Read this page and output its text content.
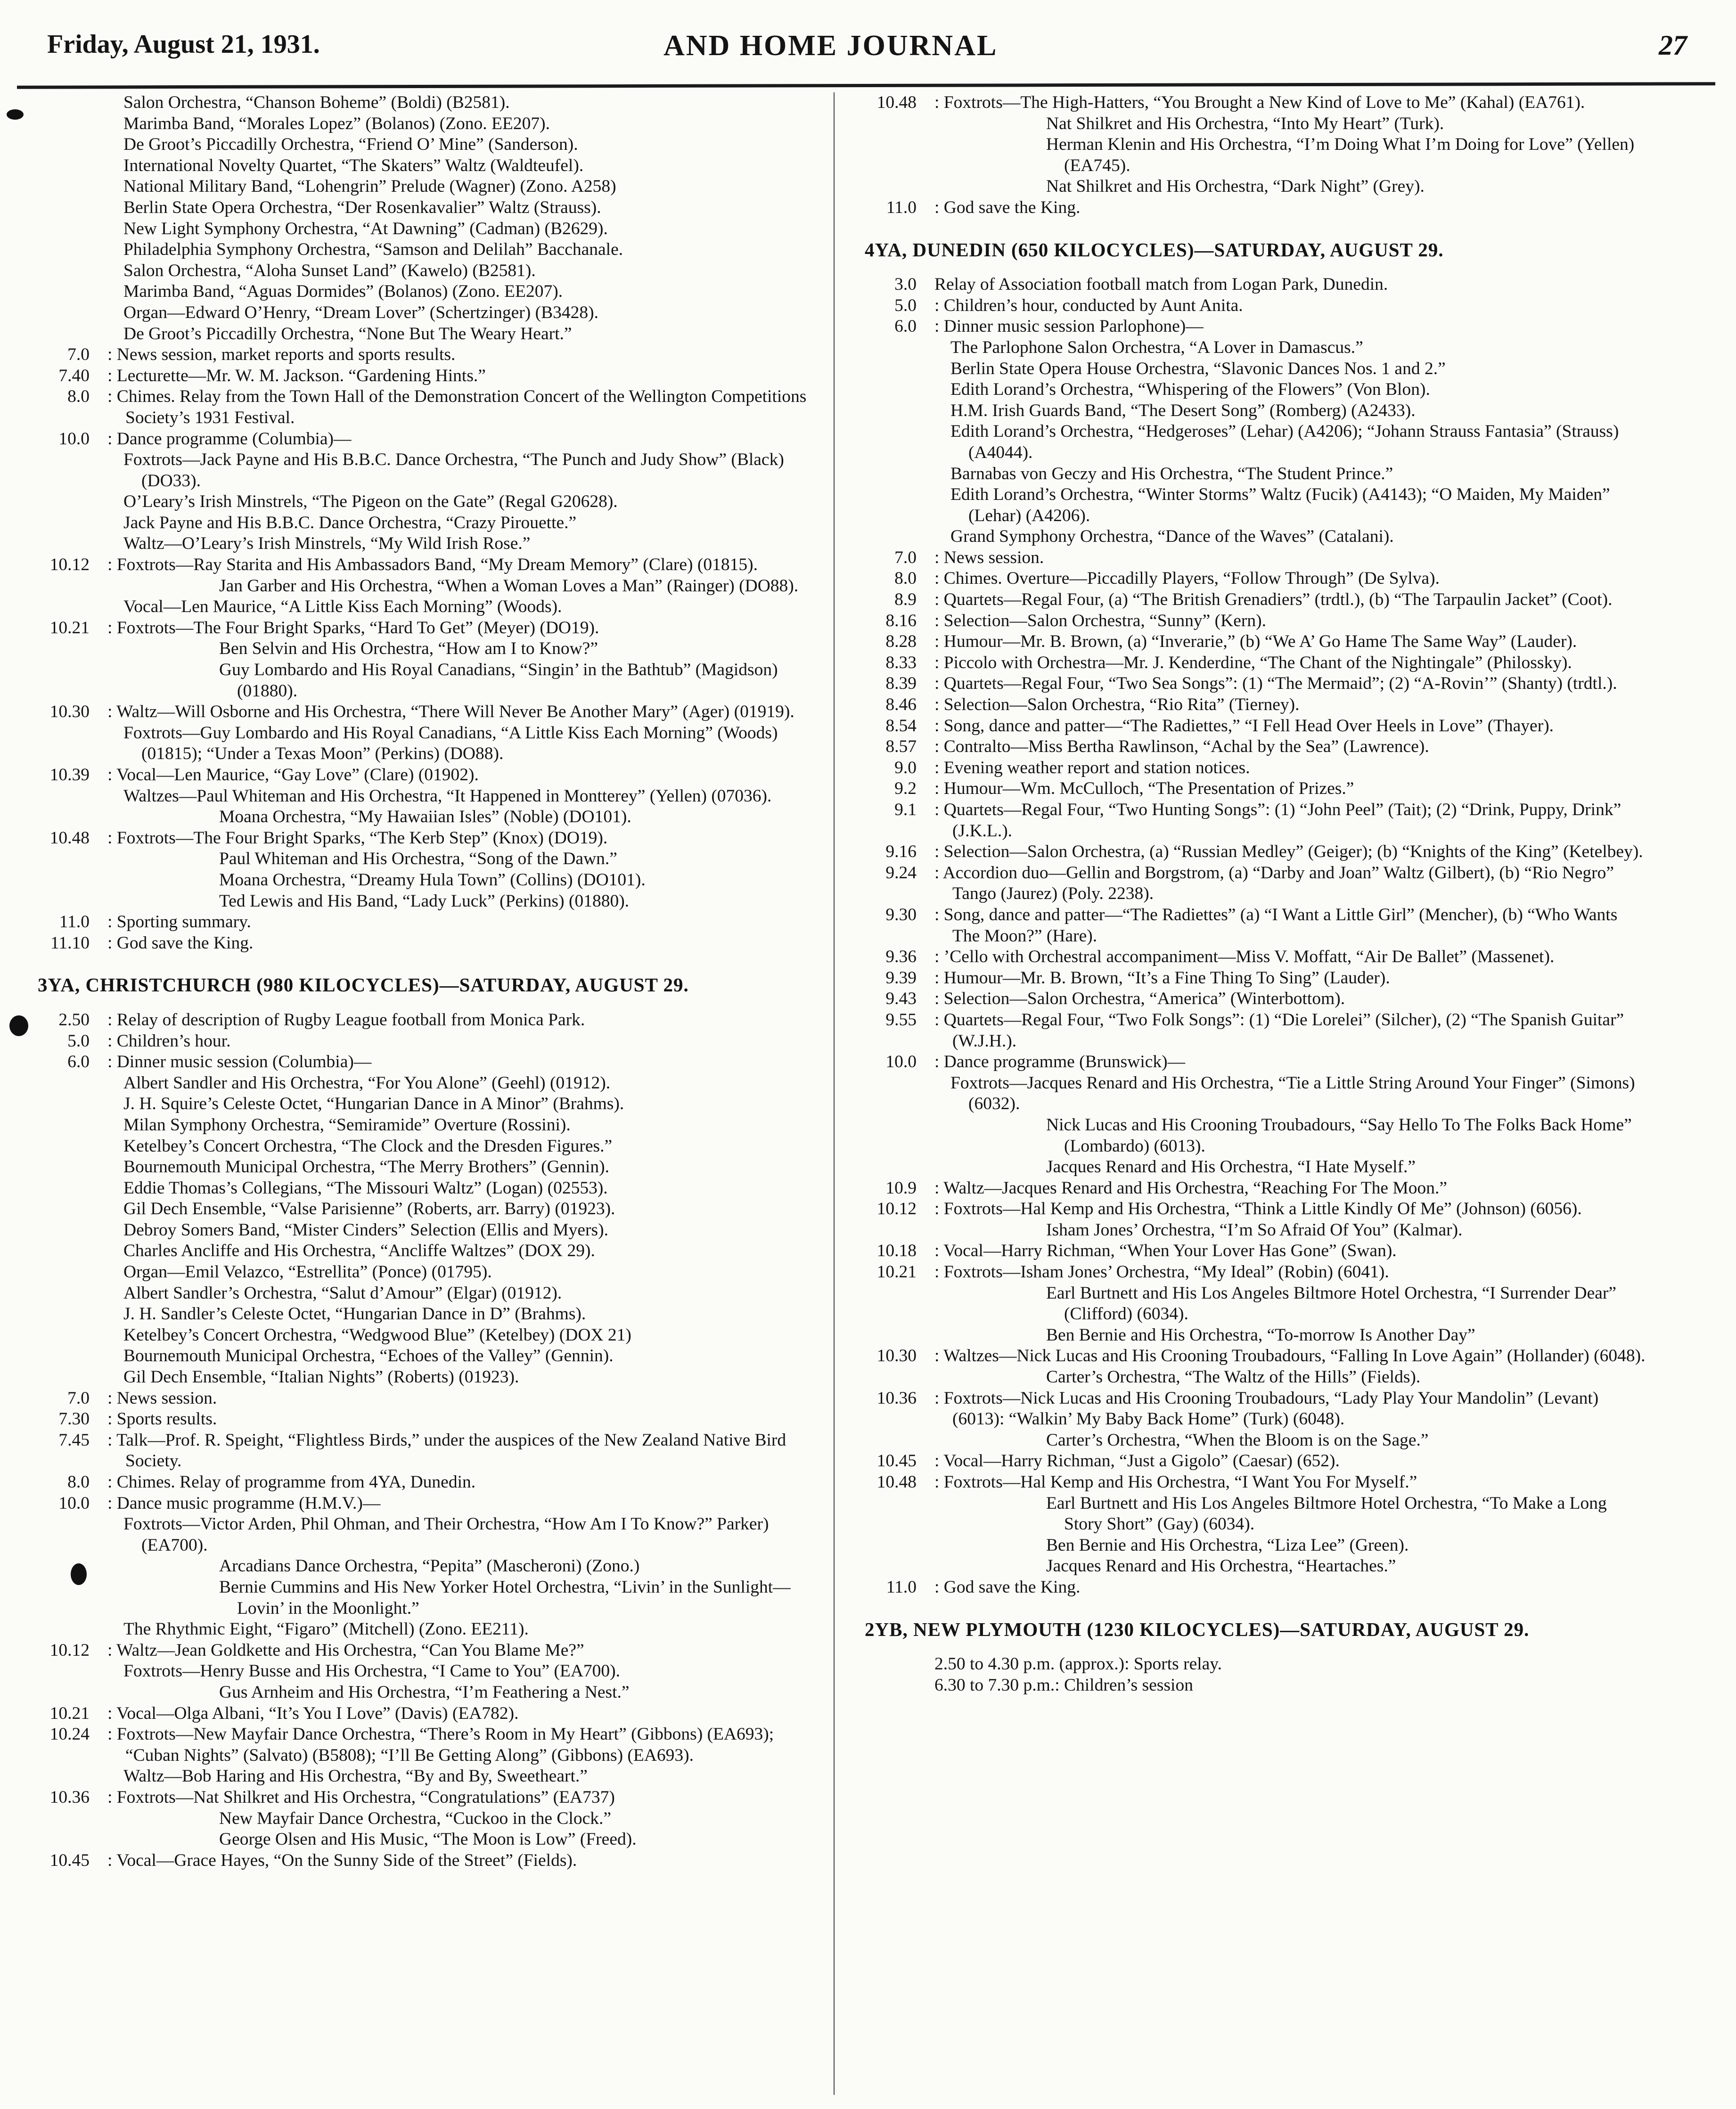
Friday, August 21, 1931.	AND HOME JOURNAL	27
Salon Orchestra, “Chanson Boheme” (Boldi) (B2581).
Marimba Band, “Morales Lopez” (Bolanos) (Zono. EE207).
De Groot’s Piccadilly Orchestra, “Friend O’ Mine” (Sanderson).
International Novelty Quartet, “The Skaters” Waltz (Waldteufel).
National Military Band, “Lohengrin” Prelude (Wagner) (Zono. A258)
Berlin State Opera Orchestra, “Der Rosenkavalier” Waltz (Strauss).
New Light Symphony Orchestra, “At Dawning” (Cadman) (B2629).
Philadelphia Symphony Orchestra, “Samson and Delilah” Bacchanale.
Salon Orchestra, “Aloha Sunset Land” (Kawelo) (B2581).
Marimba Band, “Aguas Dormides” (Bolanos) (Zono. EE207).
Organ—Edward O’Henry, “Dream Lover” (Schertzinger) (B3428).
De Groot’s Piccadilly Orchestra, “None But The Weary Heart.”
7.0 : News session, market reports and sports results.
7.40 : Lecturette—Mr. W. M. Jackson. “Gardening Hints.”
8.0 : Chimes. Relay from the Town Hall of the Demonstration Concert of the Wellington Competitions Society’s 1931 Festival.
10.0 : Dance programme (Columbia)—
Foxtrots—Jack Payne and His B.B.C. Dance Orchestra, “The Punch and Judy Show” (Black) (DO33).
O’Leary’s Irish Minstrels, “The Pigeon on the Gate” (Regal G20628).
Jack Payne and His B.B.C. Dance Orchestra, “Crazy Pirouette.”
Waltz—O’Leary’s Irish Minstrels, “My Wild Irish Rose.”
10.12 : Foxtrots—Ray Starita and His Ambassadors Band, “My Dream Memory” (Clare) (01815).
Jan Garber and His Orchestra, “When a Woman Loves a Man” (Rainger) (DO88).
Vocal—Len Maurice, “A Little Kiss Each Morning” (Woods).
10.21 : Foxtrots—The Four Bright Sparks, “Hard To Get” (Meyer) (DO19).
Ben Selvin and His Orchestra, “How am I to Know?”
Guy Lombardo and His Royal Canadians, “Singin’ in the Bathtub” (Magidson) (01880).
10.30 : Waltz—Will Osborne and His Orchestra, “There Will Never Be Another Mary” (Ager) (01919).
Foxtrots—Guy Lombardo and His Royal Canadians, “A Little Kiss Each Morning” (Woods) (01815); “Under a Texas Moon” (Perkins) (DO88).
10.39 : Vocal—Len Maurice, “Gay Love” (Clare) (01902).
Waltzes—Paul Whiteman and His Orchestra, “It Happened in Montterey” (Yellen) (07036).
Moana Orchestra, “My Hawaiian Isles” (Noble) (DO101).
10.48 : Foxtrots—The Four Bright Sparks, “The Kerb Step” (Knox) (DO19).
Paul Whiteman and His Orchestra, “Song of the Dawn.”
Moana Orchestra, “Dreamy Hula Town” (Collins) (DO101).
Ted Lewis and His Band, “Lady Luck” (Perkins) (01880).
11.0 : Sporting summary.
11.10 : God save the King.
3YA, CHRISTCHURCH (980 KILOCYCLES)—SATURDAY, AUGUST 29.
2.50 : Relay of description of Rugby League football from Monica Park.
5.0 : Children’s hour.
6.0 : Dinner music session (Columbia)—
Albert Sandler and His Orchestra, “For You Alone” (Geehl) (01912).
J. H. Squire’s Celeste Octet, “Hungarian Dance in A Minor” (Brahms).
Milan Symphony Orchestra, “Semiramide” Overture (Rossini).
Ketelbey’s Concert Orchestra, “The Clock and the Dresden Figures.”
Bournemouth Municipal Orchestra, “The Merry Brothers” (Gennin).
Eddie Thomas’s Collegians, “The Missouri Waltz” (Logan) (02553).
Gil Dech Ensemble, “Valse Parisienne” (Roberts, arr. Barry) (01923).
Debroy Somers Band, “Mister Cinders” Selection (Ellis and Myers).
Charles Ancliffe and His Orchestra, “Ancliffe Waltzes” (DOX 29).
Organ—Emil Velazco, “Estrellita” (Ponce) (01795).
Albert Sandler’s Orchestra, “Salut d’Amour” (Elgar) (01912).
J. H. Sandler’s Celeste Octet, “Hungarian Dance in D” (Brahms).
Ketelbey’s Concert Orchestra, “Wedgwood Blue” (Ketelbey) (DOX 21)
Bournemouth Municipal Orchestra, “Echoes of the Valley” (Gennin).
Gil Dech Ensemble, “Italian Nights” (Roberts) (01923).
7.0 : News session.
7.30 : Sports results.
7.45 : Talk—Prof. R. Speight, “Flightless Birds,” under the auspices of the New Zealand Native Bird Society.
8.0 : Chimes. Relay of programme from 4YA, Dunedin.
10.0 : Dance music programme (H.M.V.)—
Foxtrots—Victor Arden, Phil Ohman, and Their Orchestra, “How Am I To Know?” Parker) (EA700).
Arcadians Dance Orchestra, “Pepita” (Mascheroni) (Zono.)
Bernie Cummins and His New Yorker Hotel Orchestra, “Livin’ in the Sunlight—Lovin’ in the Moonlight.”
The Rhythmic Eight, “Figaro” (Mitchell) (Zono. EE211).
10.12 : Waltz—Jean Goldkette and His Orchestra, “Can You Blame Me?”
Foxtrots—Henry Busse and His Orchestra, “I Came to You” (EA700).
Gus Arnheim and His Orchestra, “I’m Feathering a Nest.”
10.21 : Vocal—Olga Albani, “It’s You I Love” (Davis) (EA782).
10.24 : Foxtrots—New Mayfair Dance Orchestra, “There’s Room in My Heart” (Gibbons) (EA693); “Cuban Nights” (Salvato) (B5808); “I’ll Be Getting Along” (Gibbons) (EA693).
Waltz—Bob Haring and His Orchestra, “By and By, Sweetheart.”
10.36 : Foxtrots—Nat Shilkret and His Orchestra, “Congratulations” (EA737)
New Mayfair Dance Orchestra, “Cuckoo in the Clock.”
George Olsen and His Music, “The Moon is Low” (Freed).
10.45 : Vocal—Grace Hayes, “On the Sunny Side of the Street” (Fields).
10.48 : Foxtrots—The High-Hatters, “You Brought a New Kind of Love to Me” (Kahal) (EA761).
Nat Shilkret and His Orchestra, “Into My Heart” (Turk).
Herman Klenin and His Orchestra, “I’m Doing What I’m Doing for Love” (Yellen) (EA745).
Nat Shilkret and His Orchestra, “Dark Night” (Grey).
11.0 : God save the King.
4YA, DUNEDIN (650 KILOCYCLES)—SATURDAY, AUGUST 29.
3.0 Relay of Association football match from Logan Park, Dunedin.
5.0 : Children’s hour, conducted by Aunt Anita.
6.0 : Dinner music session Parlophone)—
The Parlophone Salon Orchestra, “A Lover in Damascus.”
Berlin State Opera House Orchestra, “Slavonic Dances Nos. 1 and 2.”
Edith Lorand’s Orchestra, “Whispering of the Flowers” (Von Blon).
H.M. Irish Guards Band, “The Desert Song” (Romberg) (A2433).
Edith Lorand’s Orchestra, “Hedgeroses” (Lehar) (A4206); “Johann Strauss Fantasia” (Strauss) (A4044).
Barnabas von Geczy and His Orchestra, “The Student Prince.”
Edith Lorand’s Orchestra, “Winter Storms” Waltz (Fucik) (A4143); “O Maiden, My Maiden” (Lehar) (A4206).
Grand Symphony Orchestra, “Dance of the Waves” (Catalani).
7.0 : News session.
8.0 : Chimes. Overture—Piccadilly Players, “Follow Through” (De Sylva).
8.9 : Quartets—Regal Four, (a) “The British Grenadiers” (trdtl.), (b) “The Tarpaulin Jacket” (Coot).
8.16 : Selection—Salon Orchestra, “Sunny” (Kern).
8.28 : Humour—Mr. B. Brown, (a) “Inverarie,” (b) “We A’ Go Hame The Same Way” (Lauder).
8.33 : Piccolo with Orchestra—Mr. J. Kenderdine, “The Chant of the Nightingale” (Philossky).
8.39 : Quartets—Regal Four, “Two Sea Songs”: (1) “The Mermaid”; (2) “A-Rovin’” (Shanty) (trdtl.).
8.46 : Selection—Salon Orchestra, “Rio Rita” (Tierney).
8.54 : Song, dance and patter—“The Radiettes,” “I Fell Head Over Heels in Love” (Thayer).
8.57 : Contralto—Miss Bertha Rawlinson, “Achal by the Sea” (Lawrence).
9.0 : Evening weather report and station notices.
9.2 : Humour—Wm. McCulloch, “The Presentation of Prizes.”
9.1 : Quartets—Regal Four, “Two Hunting Songs”: (1) “John Peel” (Tait); (2) “Drink, Puppy, Drink” (J.K.L.).
9.16 : Selection—Salon Orchestra, (a) “Russian Medley” (Geiger); (b) “Knights of the King” (Ketelbey).
9.24 : Accordion duo—Gellin and Borgstrom, (a) “Darby and Joan” Waltz (Gilbert), (b) “Rio Negro” Tango (Jaurez) (Poly. 2238).
9.30 : Song, dance and patter—“The Radiettes” (a) “I Want a Little Girl” (Mencher), (b) “Who Wants The Moon?” (Hare).
9.36 : ’Cello with Orchestral accompaniment—Miss V. Moffatt, “Air De Ballet” (Massenet).
9.39 : Humour—Mr. B. Brown, “It’s a Fine Thing To Sing” (Lauder).
9.43 : Selection—Salon Orchestra, “America” (Winterbottom).
9.55 : Quartets—Regal Four, “Two Folk Songs”: (1) “Die Lorelei” (Silcher), (2) “The Spanish Guitar” (W.J.H.).
10.0 : Dance programme (Brunswick)—
Foxtrots—Jacques Renard and His Orchestra, “Tie a Little String Around Your Finger” (Simons) (6032).
Nick Lucas and His Crooning Troubadours, “Say Hello To The Folks Back Home” (Lombardo) (6013).
Jacques Renard and His Orchestra, “I Hate Myself.”
10.9 : Waltz—Jacques Renard and His Orchestra, “Reaching For The Moon.”
10.12 : Foxtrots—Hal Kemp and His Orchestra, “Think a Little Kindly Of Me” (Johnson) (6056).
Isham Jones’ Orchestra, “I’m So Afraid Of You” (Kalmar).
10.18 : Vocal—Harry Richman, “When Your Lover Has Gone” (Swan).
10.21 : Foxtrots—Isham Jones’ Orchestra, “My Ideal” (Robin) (6041).
Earl Burtnett and His Los Angeles Biltmore Hotel Orchestra, “I Surrender Dear” (Clifford) (6034).
Ben Bernie and His Orchestra, “To-morrow Is Another Day”
10.30 : Waltzes—Nick Lucas and His Crooning Troubadours, “Falling In Love Again” (Hollander) (6048).
Carter’s Orchestra, “The Waltz of the Hills” (Fields).
10.36 : Foxtrots—Nick Lucas and His Crooning Troubadours, “Lady Play Your Mandolin” (Levant) (6013): “Walkin’ My Baby Back Home” (Turk) (6048).
Carter’s Orchestra, “When the Bloom is on the Sage.”
10.45 : Vocal—Harry Richman, “Just a Gigolo” (Caesar) (652).
10.48 : Foxtrots—Hal Kemp and His Orchestra, “I Want You For Myself.”
Earl Burtnett and His Los Angeles Biltmore Hotel Orchestra, “To Make a Long Story Short” (Gay) (6034).
Ben Bernie and His Orchestra, “Liza Lee” (Green).
Jacques Renard and His Orchestra, “Heartaches.”
11.0 : God save the King.
2YB, NEW PLYMOUTH (1230 KILOCYCLES)—SATURDAY, AUGUST 29.
2.50 to 4.30 p.m. (approx.): Sports relay.
6.30 to 7.30 p.m.: Children’s session
